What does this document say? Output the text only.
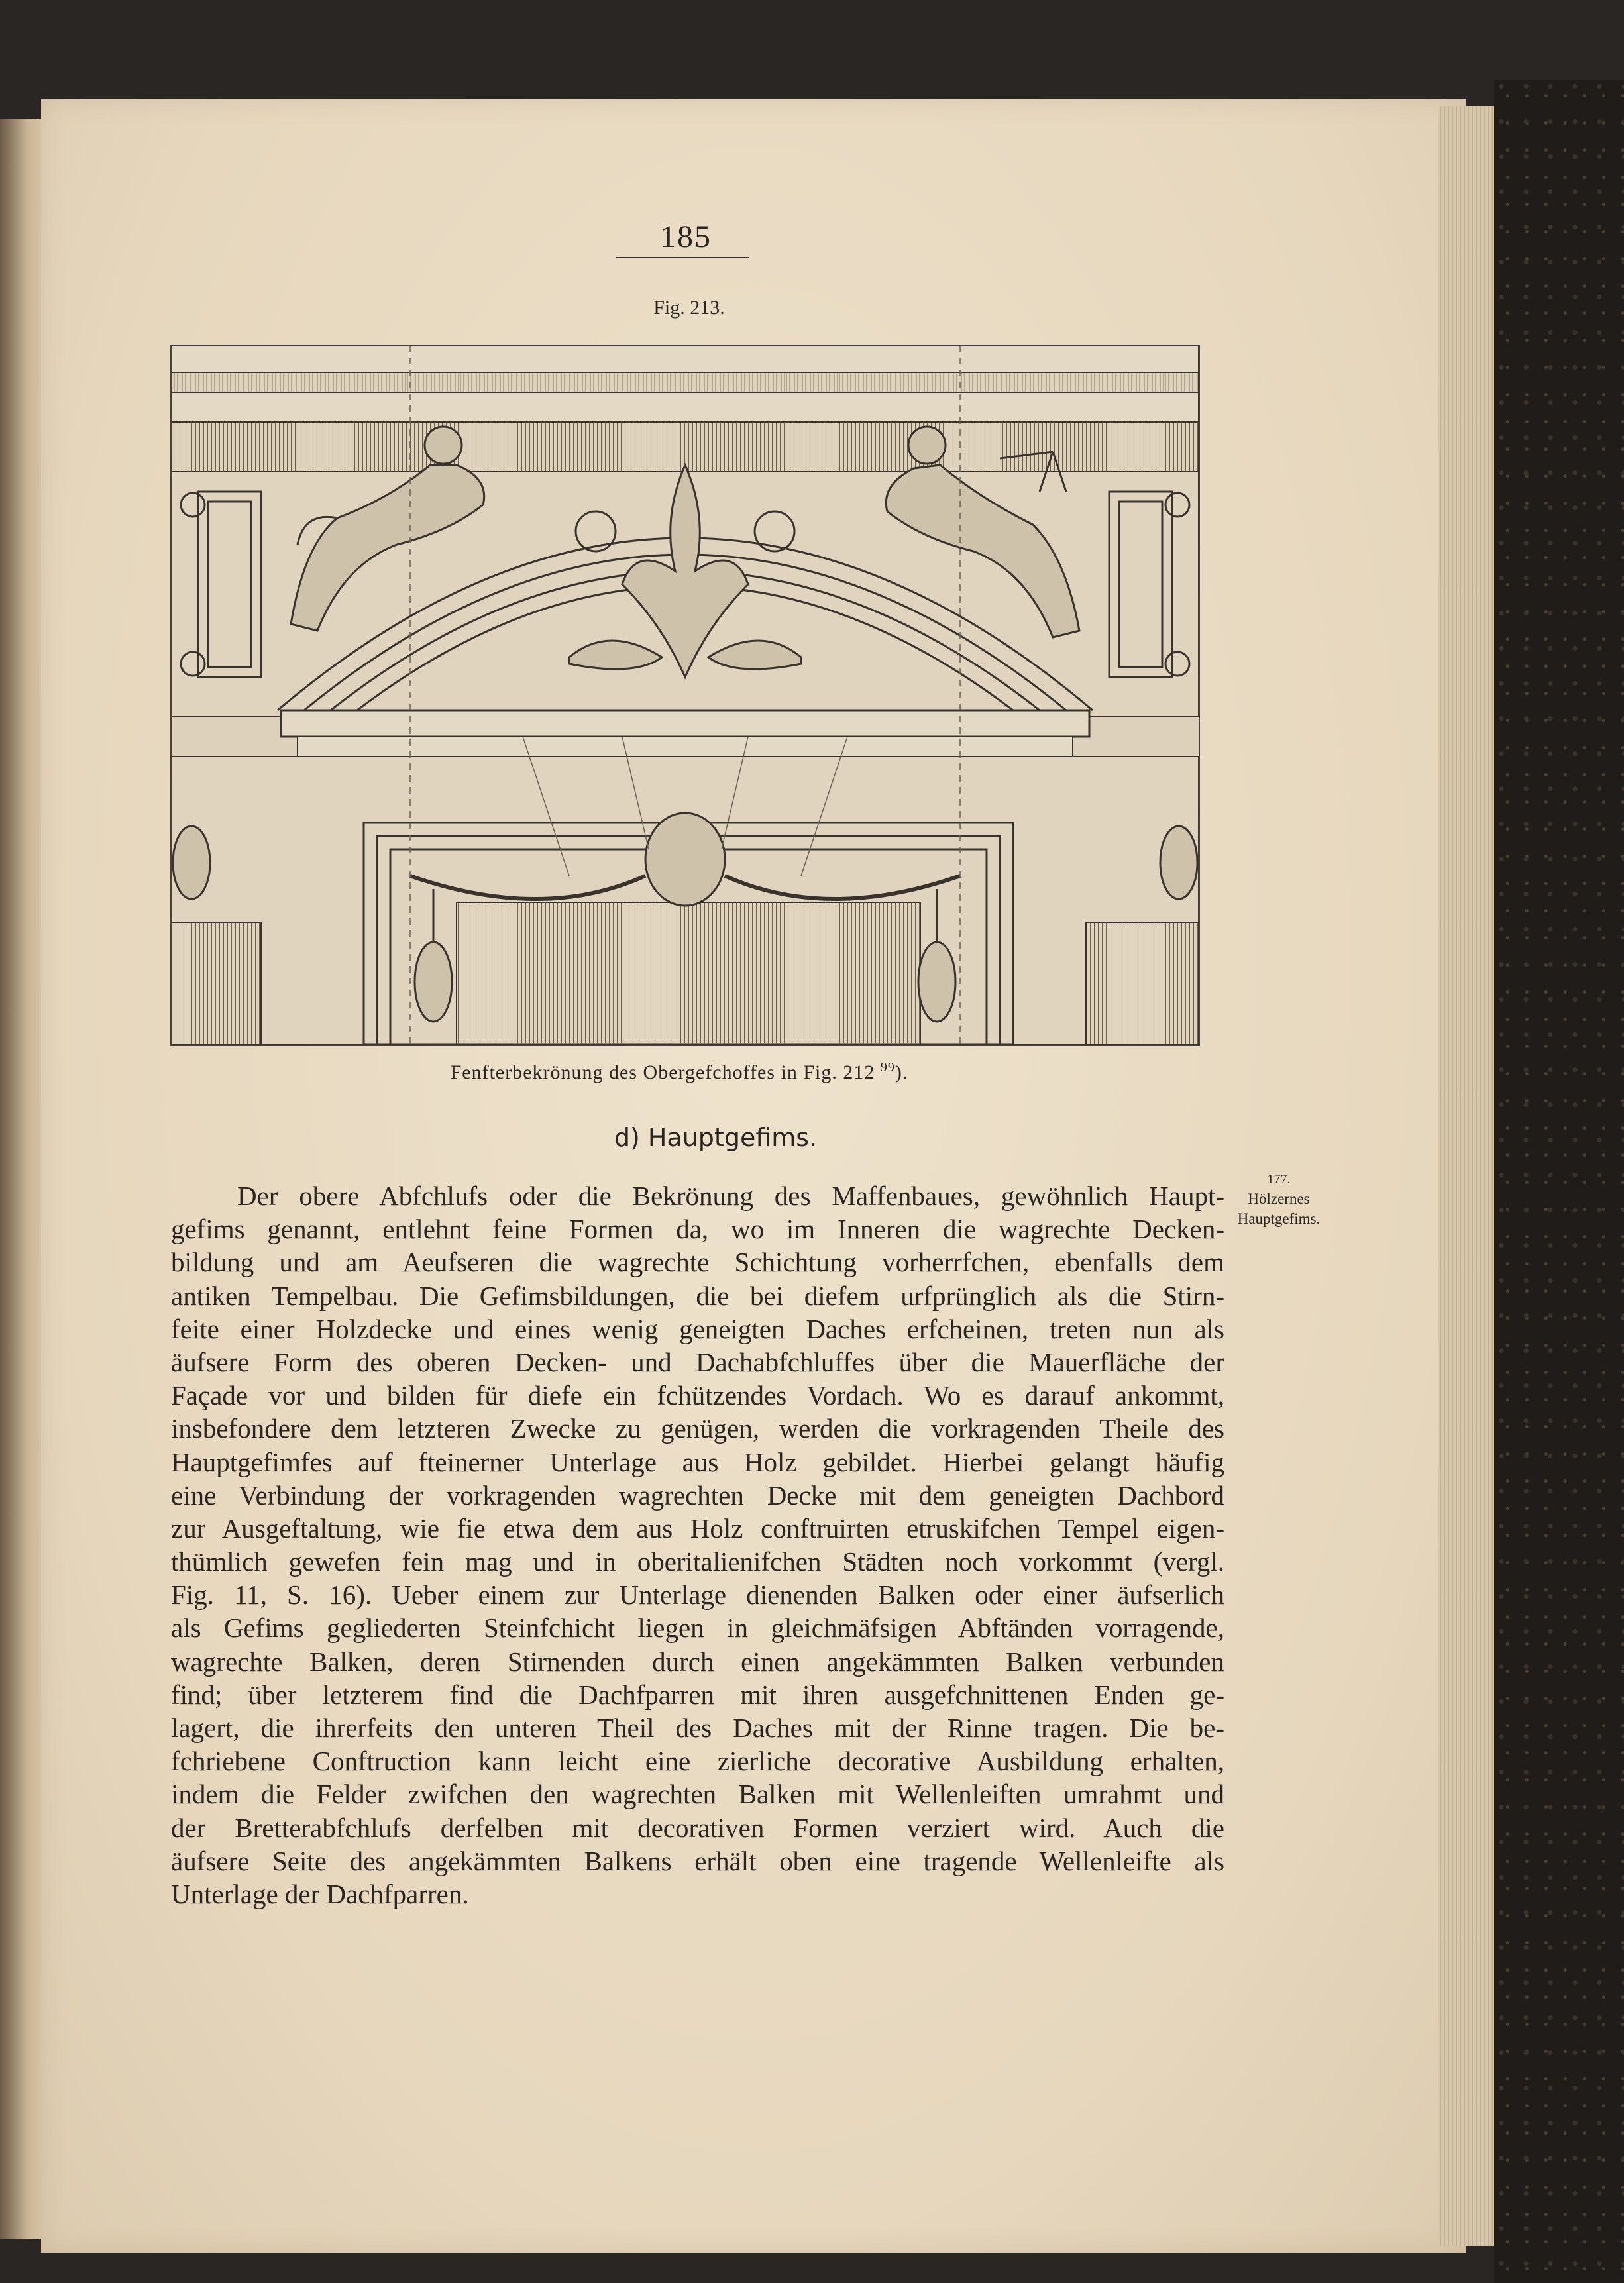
185
Fig. 213.
Fenfterbekrönung des Obergefchoffes in Fig. 212 $^{99}$).
d) Hauptgefims.
177.
Hölzernes
Hauptgefims.
Der obere Abfchlufs oder die Bekrönung des Maffenbaues, gewöhnlich Haupt-
gefims genannt, entlehnt feine Formen da, wo im Inneren die wagrechte Decken-
bildung und am Aeufseren die wagrechte Schichtung vorherrfchen, ebenfalls dem
antiken Tempelbau. Die Gefimsbildungen, die bei diefem urfprünglich als die Stirn-
feite einer Holzdecke und eines wenig geneigten Daches erfcheinen, treten nun als
äufsere Form des oberen Decken- und Dachabfchluffes über die Mauerfläche der
Façade vor und bilden für diefe ein fchützendes Vordach. Wo es darauf ankommt,
insbefondere dem letzteren Zwecke zu genügen, werden die vorkragenden Theile des
Hauptgefimfes auf fteinerner Unterlage aus Holz gebildet. Hierbei gelangt häufig
eine Verbindung der vorkragenden wagrechten Decke mit dem geneigten Dachbord
zur Ausgeftaltung, wie fie etwa dem aus Holz conftruirten etruskifchen Tempel eigen-
thümlich gewefen fein mag und in oberitalienifchen Städten noch vorkommt (vergl.
Fig. 11, S. 16). Ueber einem zur Unterlage dienenden Balken oder einer äufserlich
als Gefims gegliederten Steinfchicht liegen in gleichmäfsigen Abftänden vorragende,
wagrechte Balken, deren Stirnenden durch einen angekämmten Balken verbunden
find; über letzterem find die Dachfparren mit ihren ausgefchnittenen Enden ge-
lagert, die ihrerfeits den unteren Theil des Daches mit der Rinne tragen. Die be-
fchriebene Conftruction kann leicht eine zierliche decorative Ausbildung erhalten,
indem die Felder zwifchen den wagrechten Balken mit Wellenleiften umrahmt und
der Bretterabfchlufs derfelben mit decorativen Formen verziert wird. Auch die
äufsere Seite des angekämmten Balkens erhält oben eine tragende Wellenleifte als
Unterlage der Dachfparren.
